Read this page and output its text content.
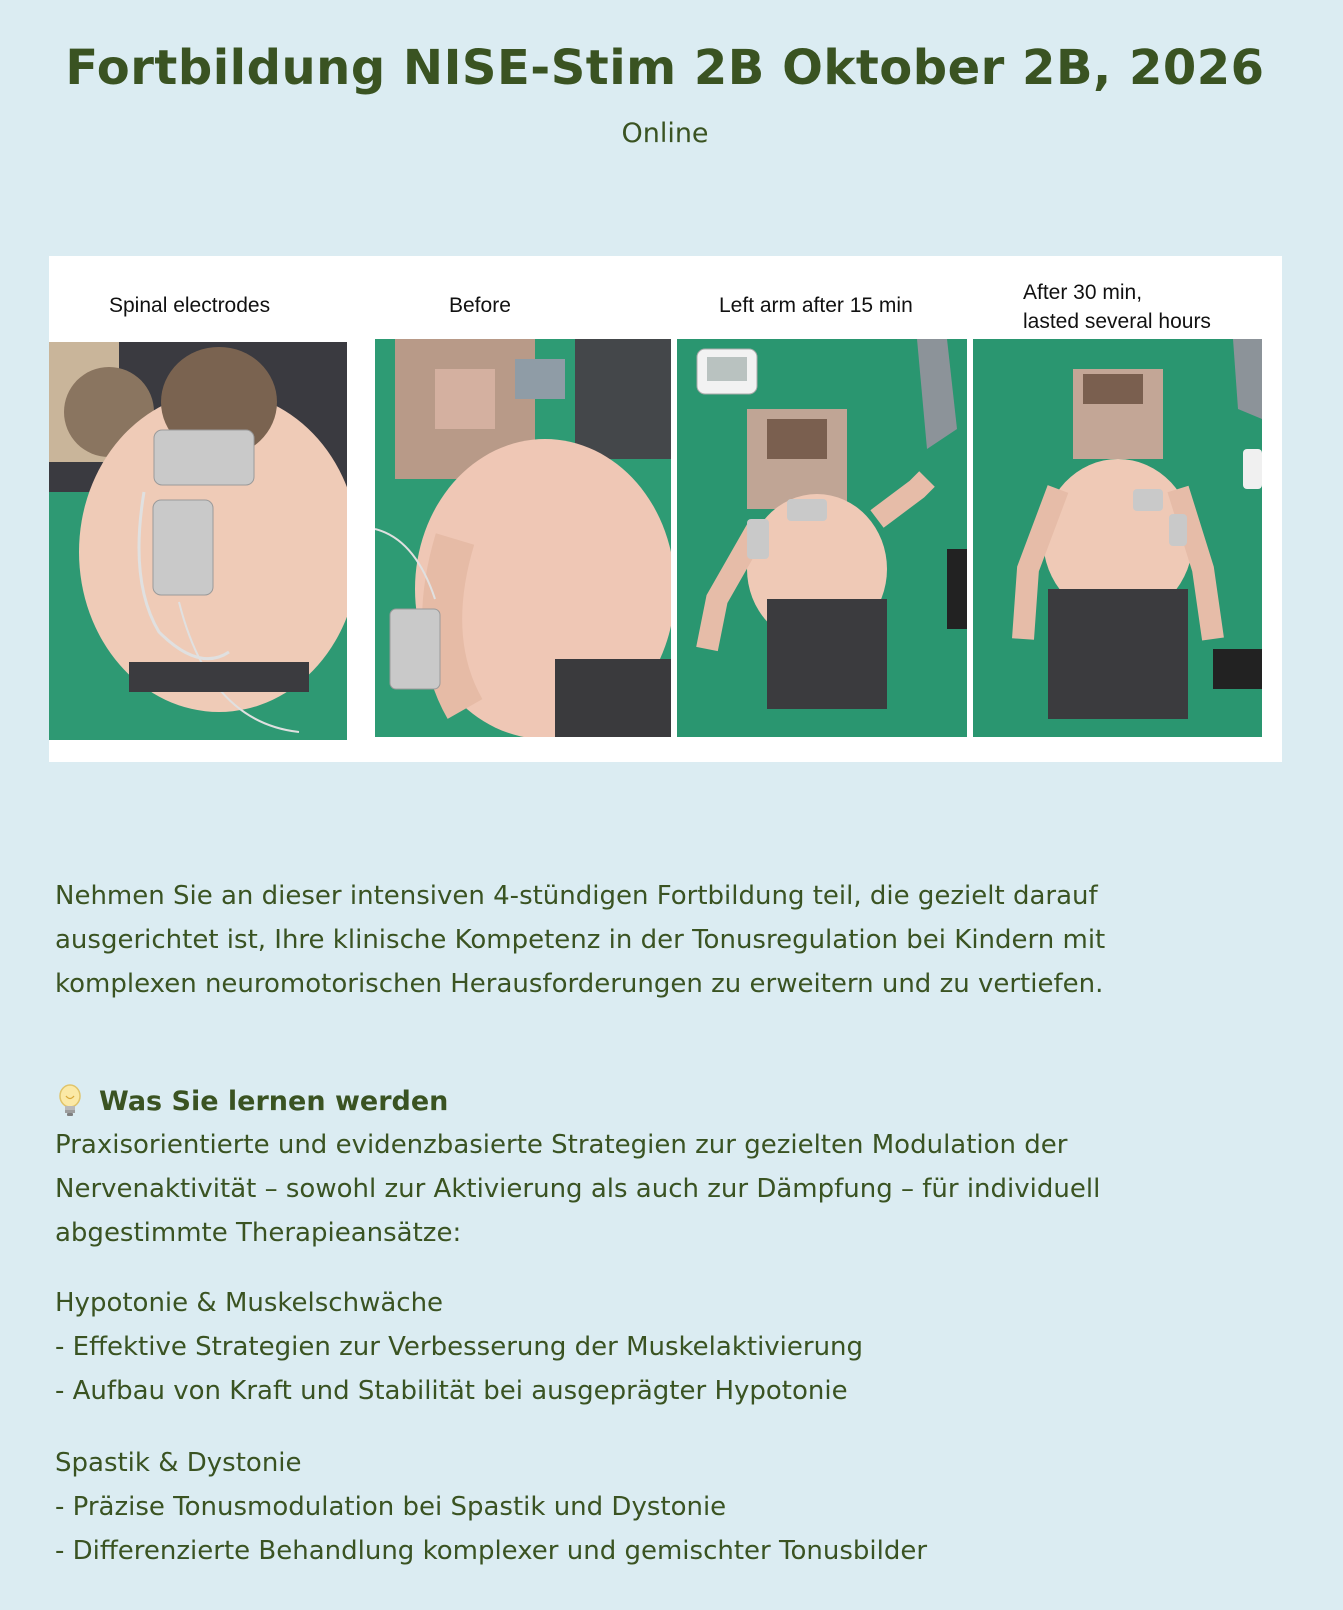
Fortbildung NISE-Stim 2B Oktober 2B, 2026
Online
Spinal electrodes	Before	Left arm after 15 min
After 30 min,
lasted several hours
Nehmen Sie an dieser intensiven 4-stündigen Fortbildung teil, die gezielt darauf
ausgerichtet ist, Ihre klinische Kompetenz in der Tonusregulation bei Kindern mit
komplexen neuromotorischen Herausforderungen zu erweitern und zu vertiefen.
Was Sie lernen werden
Praxisorientierte und evidenzbasierte Strategien zur gezielten Modulation der
Nervenaktivität – sowohl zur Aktivierung als auch zur Dämpfung – für individuell
abgestimmte Therapieansätze:
Hypotonie & Muskelschwäche
- Effektive Strategien zur Verbesserung der Muskelaktivierung
- Aufbau von Kraft und Stabilität bei ausgeprägter Hypotonie
Spastik & Dystonie
- Präzise Tonusmodulation bei Spastik und Dystonie
- Differenzierte Behandlung komplexer und gemischter Tonusbilder
